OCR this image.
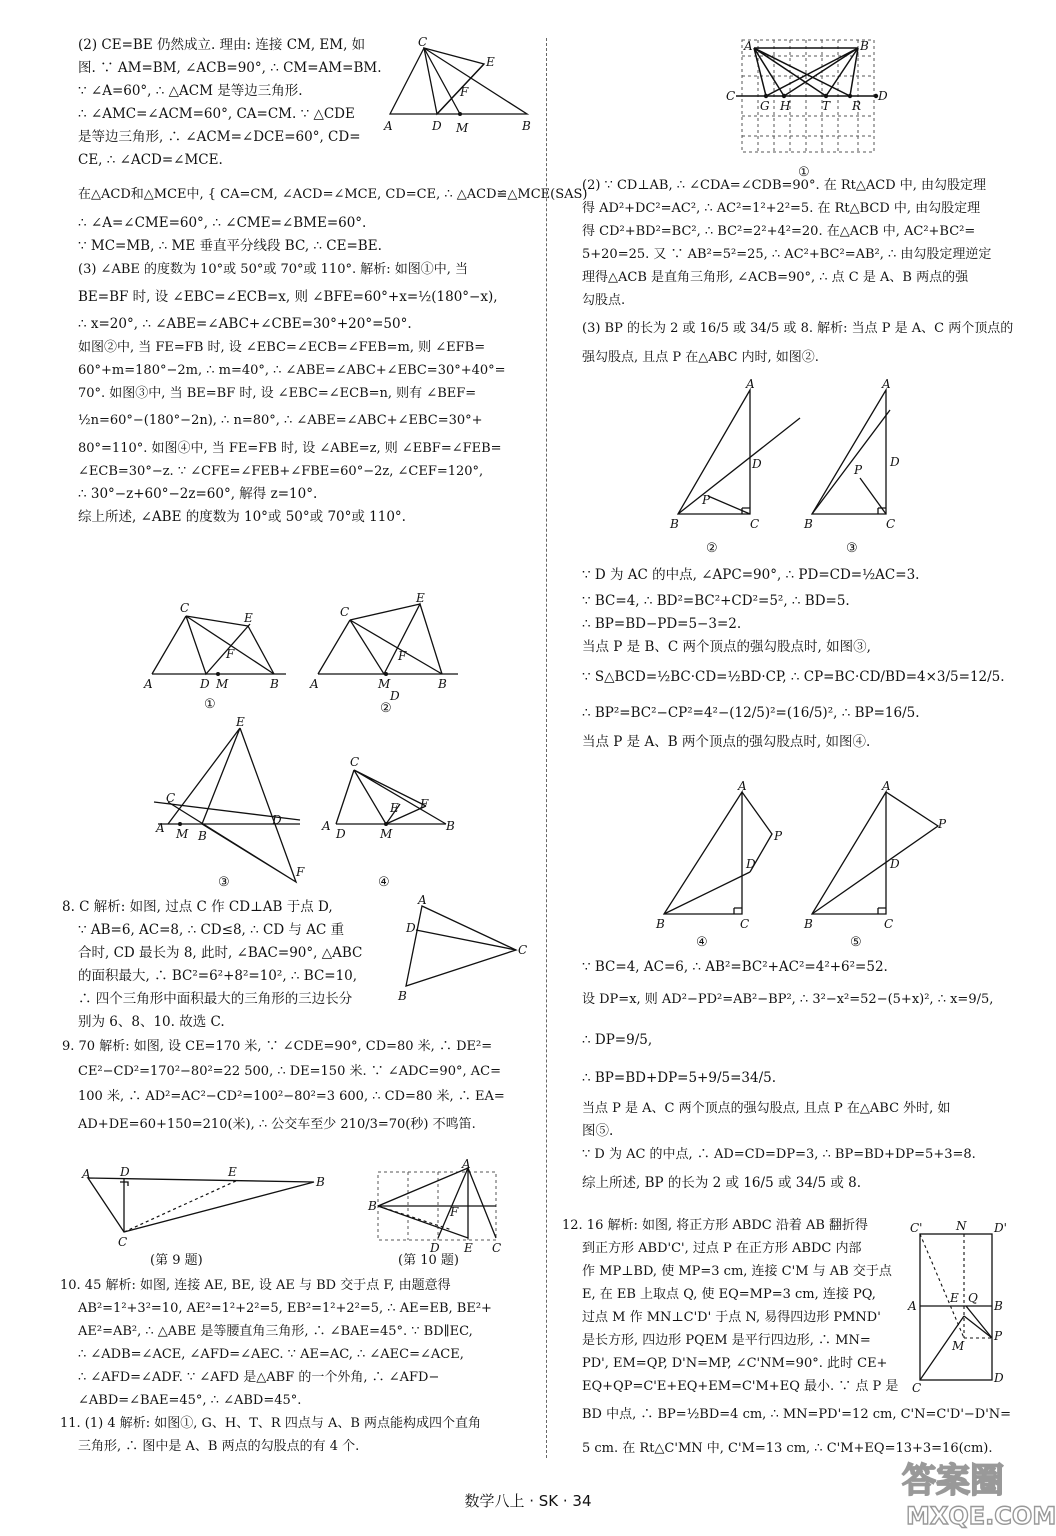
(2) CE=BE 仍然成立. 理由: 连接 CM, EM, 如

图. ∵ AM=BM, ∠ACB=90°, ∴ CM=AM=BM.

∵ ∠A=60°, ∴ △ACM 是等边三角形.

∴ ∠AMC=∠ACM=60°, CA=CM. ∵ △CDE

是等边三角形, ∴ ∠ACM=∠DCE=60°, CD=

CE, ∴ ∠ACD=∠MCE.

在△ACD和△MCE中, { CA=CM, ∠ACD=∠MCE, CD=CE, ∴ △ACD≌△MCE(SAS)

∴ ∠A=∠CME=60°, ∴ ∠CME=∠BME=60°.

∵ MC=MB, ∴ ME 垂直平分线段 BC, ∴ CE=BE.

(3) ∠ABE 的度数为 10°或 50°或 70°或 110°. 解析: 如图①中, 当

BE=BF 时, 设 ∠EBC=∠ECB=x, 则 ∠BFE=60°+x=½(180°−x),

∴ x=20°, ∴ ∠ABE=∠ABC+∠CBE=30°+20°=50°.

如图②中, 当 FE=FB 时, 设 ∠EBC=∠ECB=∠FEB=m, 则 ∠EFB=

60°+m=180°−2m, ∴ m=40°, ∴ ∠ABE=∠ABC+∠EBC=30°+40°=

70°. 如图③中, 当 BE=BF 时, 设 ∠EBC=∠ECB=n, 则有 ∠BEF=

½n=60°−(180°−2n), ∴ n=80°, ∴ ∠ABE=∠ABC+∠EBC=30°+

80°=110°. 如图④中, 当 FE=FB 时, 设 ∠ABE=z, 则 ∠EBF=∠FEB=

∠ECB=30°−z. ∵ ∠CFE=∠FEB+∠FBE=60°−2z, ∠CEF=120°,

∴ 30°−z+60°−2z=60°, 解得 z=10°.

综上所述, ∠ABE 的度数为 10°或 50°或 70°或 110°.

8. C 解析: 如图, 过点 C 作 CD⊥AB 于点 D,

∵ AB=6, AC=8, ∴ CD≤8, ∴ CD 与 AC 重

合时, CD 最长为 8, 此时, ∠BAC=90°, △ABC

的面积最大, ∴ BC²=6²+8²=10², ∴ BC=10,

∴ 四个三角形中面积最大的三角形的三边长分

别为 6、8、10. 故选 C.

9. 70 解析: 如图, 设 CE=170 米, ∵ ∠CDE=90°, CD=80 米, ∴ DE²=

CE²−CD²=170²−80²=22 500, ∴ DE=150 米. ∵ ∠ADC=90°, AC=

100 米, ∴ AD²=AC²−CD²=100²−80²=3 600, ∴ CD=80 米, ∴ EA=

AD+DE=60+150=210(米), ∴ 公交车至少 210/3=70(秒) 不鸣笛.

10. 45 解析: 如图, 连接 AE, BE, 设 AE 与 BD 交于点 F, 由题意得

AB²=1²+3²=10, AE²=1²+2²=5, EB²=1²+2²=5, ∴ AE=EB, BE²+

AE²=AB², ∴ △ABE 是等腰直角三角形, ∴ ∠BAE=45°. ∵ BD∥EC,

∴ ∠ADB=∠ACE, ∠AFD=∠AEC. ∵ AE=AC, ∴ ∠AEC=∠ACE,

∴ ∠AFD=∠ADF. ∵ ∠AFD 是△ABF 的一个外角, ∴ ∠AFD−

∠ABD=∠BAE=45°, ∴ ∠ABD=45°.

11. (1) 4 解析: 如图①, G、H、T、R 四点与 A、B 两点能构成四个直角

三角形, ∴ 图中是 A、B 两点的勾股点的有 4 个.

(2) ∵ CD⊥AB, ∴ ∠CDA=∠CDB=90°. 在 Rt△ACD 中, 由勾股定理

得 AD²+DC²=AC², ∴ AC²=1²+2²=5. 在 Rt△BCD 中, 由勾股定理

得 CD²+BD²=BC², ∴ BC²=2²+4²=20. 在△ACB 中, AC²+BC²=

5+20=25. 又 ∵ AB²=5²=25, ∴ AC²+BC²=AB², ∴ 由勾股定理逆定

理得△ACB 是直角三角形, ∠ACB=90°, ∴ 点 C 是 A、B 两点的强

勾股点.

(3) BP 的长为 2 或 16/5 或 34/5 或 8. 解析: 当点 P 是 A、C 两个顶点的

强勾股点, 且点 P 在△ABC 内时, 如图②.

∵ D 为 AC 的中点, ∠APC=90°, ∴ PD=CD=½AC=3.

∵ BC=4, ∴ BD²=BC²+CD²=5², ∴ BD=5.

∴ BP=BD−PD=5−3=2.

当点 P 是 B、C 两个顶点的强勾股点时, 如图③,

∵ S△BCD=½BC·CD=½BD·CP, ∴ CP=BC·CD/BD=4×3/5=12/5.

∴ BP²=BC²−CP²=4²−(12/5)²=(16/5)², ∴ BP=16/5.

当点 P 是 A、B 两个顶点的强勾股点时, 如图④.

∵ BC=4, AC=6, ∴ AB²=BC²+AC²=4²+6²=52.

设 DP=x, 则 AD²−PD²=AB²−BP², ∴ 3²−x²=52−(5+x)², ∴ x=9/5,

∴ DP=9/5,

∴ BP=BD+DP=5+9/5=34/5.

当点 P 是 A、C 两个顶点的强勾股点, 且点 P 在△ABC 外时, 如

图⑤.

∵ D 为 AC 的中点, ∴ AD=CD=DP=3, ∴ BP=BD+DP=5+3=8.

综上所述, BP 的长为 2 或 16/5 或 34/5 或 8.

12. 16 解析: 如图, 将正方形 ABDC 沿着 AB 翻折得

到正方形 ABD'C', 过点 P 在正方形 ABDC 内部

作 MP⊥BD, 使 MP=3 cm, 连接 C'M 与 AB 交于点

E, 在 EB 上取点 Q, 使 EQ=MP=3 cm, 连接 PQ,

过点 M 作 MN⊥C'D' 于点 N, 易得四边形 PMND'

是长方形, 四边形 PQEM 是平行四边形, ∴ MN=

PD', EM=QP, D'N=MP, ∠C'NM=90°. 此时 CE+

EQ+QP=C'E+EQ+EM=C'M+EQ 最小. ∵ 点 P 是

BD 中点, ∴ BP=½BD=4 cm, ∴ MN=PD'=12 cm, C'N=C'D'−D'N=

5 cm. 在 Rt△C'MN 中, C'M=13 cm, ∴ C'M+EQ=13+3=16(cm).

A
C
E
F
D M	B
A	B
C	D
G H	T R
①
A
C
E
F
D M	B	A
C
E
F
M
D
B
①	②
A
C
M B
E
D
F
③
A
C
E F
D	M
B
④
A
D
C
B
A D	E
B
C
(第 9 题)
A
B	F
D E C
(第 10 题)
A
D
P
B	C
A
D
P
B	C
②	③
A
P
D
B	C
A
P
D
B	C
④	⑤
C'	N D'
A
E Q
B
P
M
C
D
答案圈
MXQE.COM
数学八上 · SK · 34
